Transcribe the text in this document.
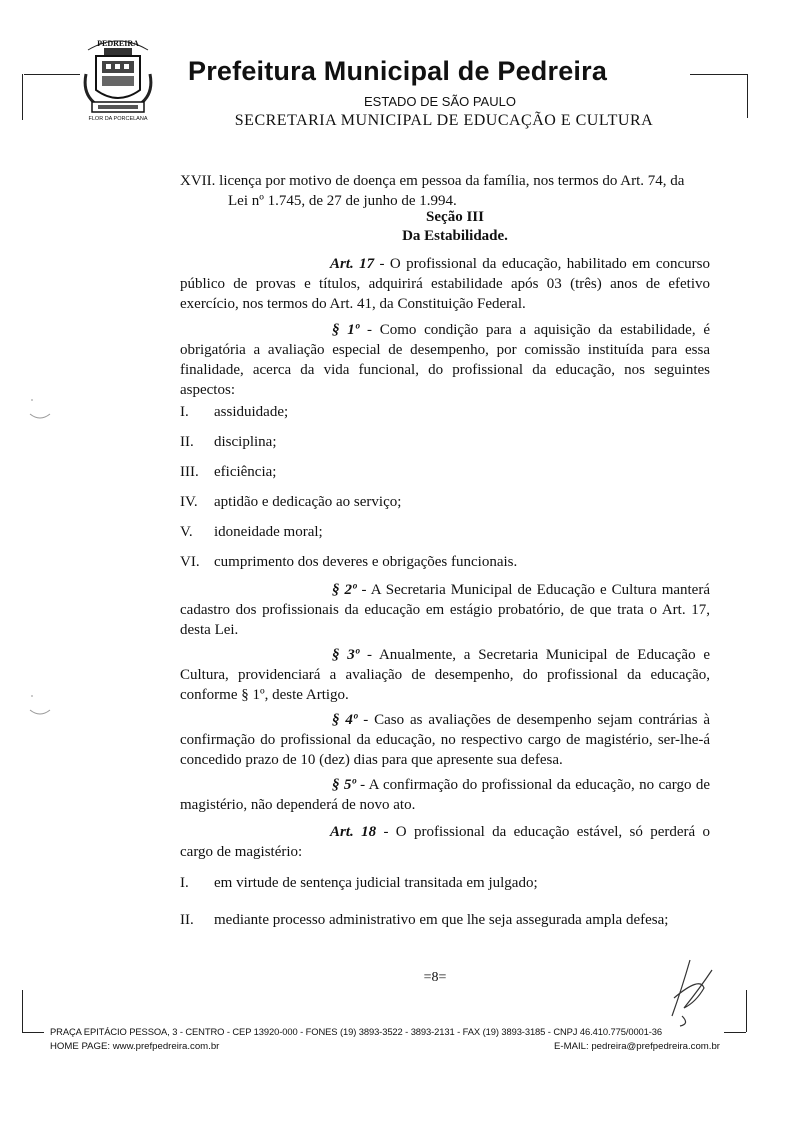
PEDREIRA
FLOR DA PORCELANA
Prefeitura Municipal de Pedreira
ESTADO DE SÃO PAULO
SECRETARIA MUNICIPAL DE EDUCAÇÃO E CULTURA
XVII. licença por motivo de doença em pessoa da família, nos termos do Art. 74, da
Lei nº 1.745, de 27 de junho de 1.994.
Seção III
Da Estabilidade.
Art. 17 - O profissional da educação, habilitado em concurso público de provas e títulos, adquirirá estabilidade após 03 (três) anos de efetivo exercício, nos termos do Art. 41, da Constituição Federal.
§ 1º - Como condição para a aquisição da estabilidade, é obrigatória a avaliação especial de desempenho, por comissão instituída para essa finalidade, acerca da vida funcional, do profissional da educação, nos seguintes aspectos:
I. assiduidade;
II. disciplina;
III. eficiência;
IV. aptidão e dedicação ao serviço;
V. idoneidade moral;
VI. cumprimento dos deveres e obrigações funcionais.
§ 2º - A Secretaria Municipal de Educação e Cultura manterá cadastro dos profissionais da educação em estágio probatório, de que trata o Art. 17, desta Lei.
§ 3º - Anualmente, a Secretaria Municipal de Educação e Cultura, providenciará a avaliação de desempenho, do profissional da educação, conforme § 1º, deste Artigo.
§ 4º - Caso as avaliações de desempenho sejam contrárias à confirmação do profissional da educação, no respectivo cargo de magistério, ser-lhe-á concedido prazo de 10 (dez) dias para que apresente sua defesa.
§ 5º - A confirmação do profissional da educação, no cargo de magistério, não dependerá de novo ato.
Art. 18 - O profissional da educação estável, só perderá o cargo de magistério:
I. em virtude de sentença judicial transitada em julgado;
II. mediante processo administrativo em que lhe seja assegurada ampla defesa;
=8=
PRAÇA EPITÁCIO PESSOA, 3 - CENTRO - CEP 13920-000 - FONES (19) 3893-3522 - 3893-2131 - FAX (19) 3893-3185 - CNPJ 46.410.775/0001-36
HOME PAGE: www.prefpedreira.com.br	E-MAIL: pedreira@prefpedreira.com.br
